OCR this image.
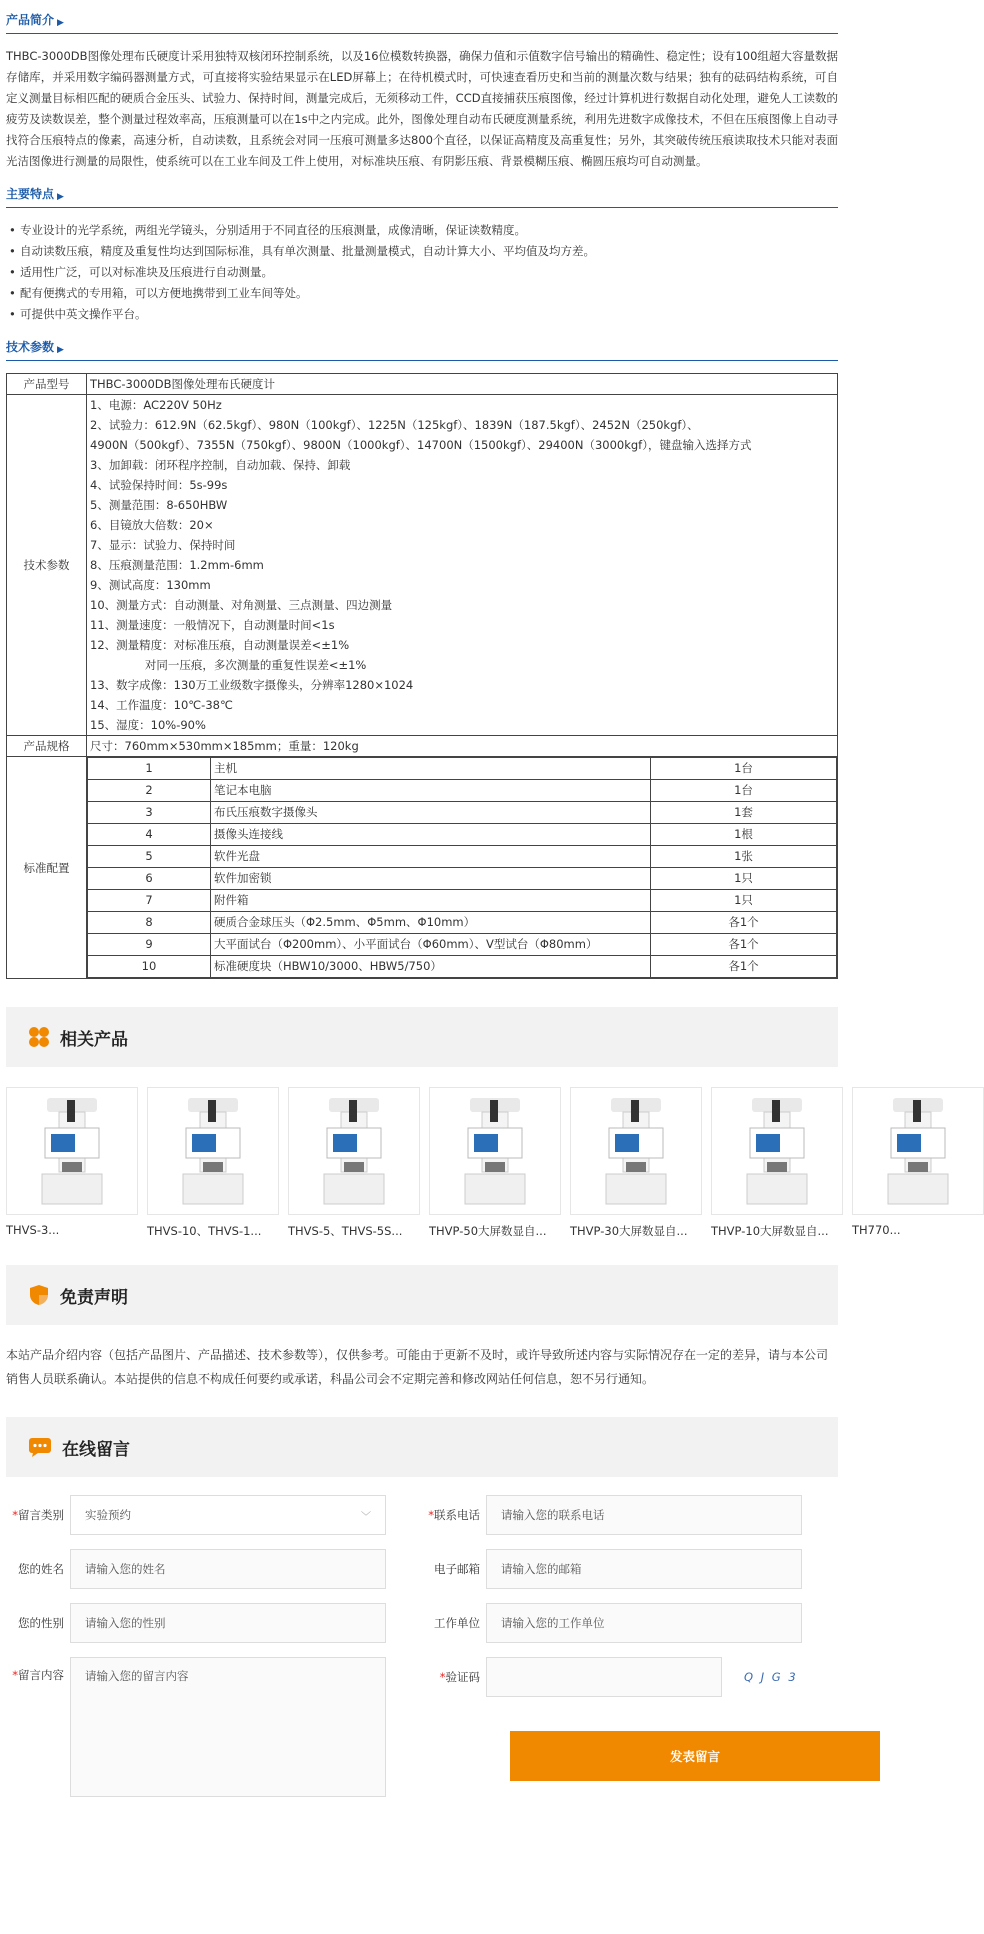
产品简介 ▶

THBC-3000DB图像处理布氏硬度计采用独特双核闭环控制系统，以及16位模数转换器，确保力值和示值数字信号输出的精确性、稳定性；设有100组超大容量数据存储库，并采用数字编码器测量方式，可直接将实验结果显示在LED屏幕上；在待机模式时，可快速查看历史和当前的测量次数与结果；独有的砝码结构系统，可自定义测量目标相匹配的硬质合金压头、试验力、保持时间，测量完成后，无须移动工件，CCD直接捕获压痕图像，经过计算机进行数据自动化处理，避免人工读数的疲劳及读数误差，整个测量过程效率高，压痕测量可以在1s中之内完成。此外，图像处理自动布氏硬度测量系统，利用先进数字成像技术，不但在压痕图像上自动寻找符合压痕特点的像素，高速分析，自动读数，且系统会对同一压痕可测量多达800个直径，以保证高精度及高重复性；另外，其突破传统压痕读取技术只能对表面光洁图像进行测量的局限性，使系统可以在工业车间及工件上使用，对标准块压痕、有阴影压痕、背景模糊压痕、椭圆压痕均可自动测量。

主要特点 ▶
• 专业设计的光学系统，两组光学镜头，分别适用于不同直径的压痕测量，成像清晰，保证读数精度。
• 自动读数压痕，精度及重复性均达到国际标准，具有单次测量、批量测量模式，自动计算大小、平均值及均方差。
• 适用性广泛，可以对标准块及压痕进行自动测量。
• 配有便携式的专用箱，可以方便地携带到工业车间等处。
• 可提供中英文操作平台。
技术参数 ▶
产品型号	THBC-3000DB图像处理布氏硬度计
技术参数	
1、电源：AC220V 50Hz
2、试验力：612.9N（62.5kgf）、980N（100kgf）、1225N（125kgf）、1839N（187.5kgf）、2452N（250kgf）、
4900N（500kgf）、7355N（750kgf）、9800N（1000kgf）、14700N（1500kgf）、29400N（3000kgf），键盘输入选择方式
3、加卸载：闭环程序控制，自动加载、保持、卸载
4、试验保持时间：5s-99s
5、测量范围：8-650HBW
6、目镜放大倍数：20×
7、显示：试验力、保持时间
8、压痕测量范围：1.2mm-6mm
9、测试高度：130mm
10、测量方式：自动测量、对角测量、三点测量、四边测量
11、测量速度：一般情况下，自动测量时间<1s
12、测量精度：对标准压痕，自动测量误差<±1%
对同一压痕，多次测量的重复性误差<±1%
13、数字成像：130万工业级数字摄像头，分辨率1280×1024
14、工作温度：10℃-38℃
15、湿度：10%-90%

产品规格	尺寸：760mm×530mm×185mm；重量：120kg
标准配置	
1	主机	1台
2	笔记本电脑	1台
3	布氏压痕数字摄像头	1套
4	摄像头连接线	1根
5	软件光盘	1张
6	软件加密锁	1只
7	附件箱	1只
8	硬质合金球压头（Φ2.5mm、Φ5mm、Φ10mm）	各1个
9	大平面试台（Φ200mm）、小平面试台（Φ60mm）、V型试台（Φ80mm）	各1个
10	标准硬度块（HBW10/3000、HBW5/750）	各1个
相关产品
THVS-3...	THVS-10、THVS-1...	THVS-5、THVS-5S...	THVP-50大屏数显自...	THVP-30大屏数显自...	THVP-10大屏数显自...	TH770...
免责声明

本站产品介绍内容（包括产品图片、产品描述、技术参数等），仅供参考。可能由于更新不及时，或许导致所述内容与实际情况存在一定的差异，请与本公司销售人员联系确认。本站提供的信息不构成任何要约或承诺，科晶公司会不定期完善和修改网站任何信息，恕不另行通知。

在线留言
*留言类别	实验预约	﹀	*联系电话	请输入您的联系电话
您的姓名	请输入您的姓名	电子邮箱	请输入您的邮箱
您的性别	请输入您的性别	工作单位	请输入您的工作单位
*留言内容	请输入您的留言内容	*验证码	Q J G 3
发表留言
